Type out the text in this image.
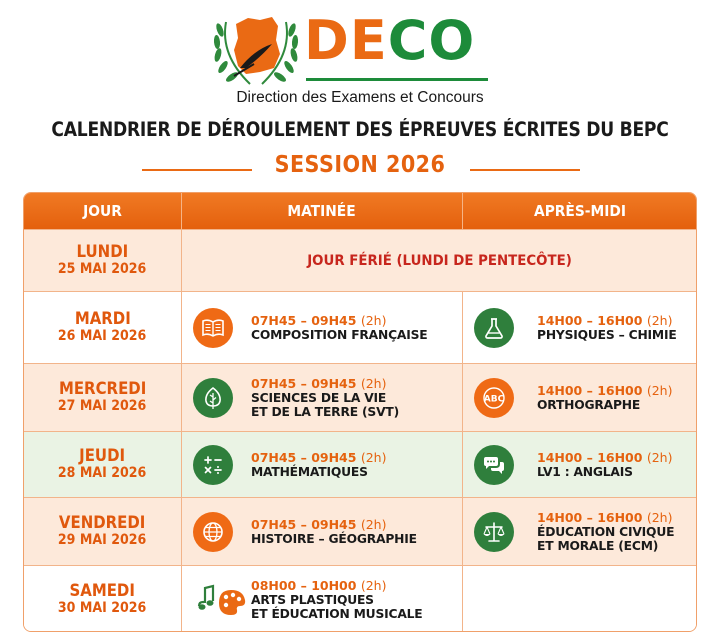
DECO
Direction des Examens et Concours
CALENDRIER DE DÉROULEMENT DES ÉPREUVES ÉCRITES DU BEPC
SESSION 2026
JOUR	MATINÉE	APRÈS-MIDI
LUNDI
25 MAI 2026
JOUR FÉRIÉ (LUNDI DE PENTECÔTE)
MARDI
26 MAI 2026
07H45 – 09H45 (2h)
COMPOSITION FRANÇAISE
14H00 – 16H00 (2h)
PHYSIQUES – CHIMIE
MERCREDI
27 MAI 2026
07H45 – 09H45 (2h)
SCIENCES DE LA VIE
ET DE LA TERRE (SVT)
ABC
14H00 – 16H00 (2h)
ORTHOGRAPHE
JEUDI
28 MAI 2026
07H45 – 09H45 (2h)
MATHÉMATIQUES
14H00 – 16H00 (2h)
LV1 : ANGLAIS
VENDREDI
29 MAI 2026
07H45 – 09H45 (2h)
HISTOIRE – GÉOGRAPHIE
14H00 – 16H00 (2h)
ÉDUCATION CIVIQUE
ET MORALE (ECM)
SAMEDI
30 MAI 2026
08H00 – 10H00 (2h)
ARTS PLASTIQUES
ET ÉDUCATION MUSICALE
